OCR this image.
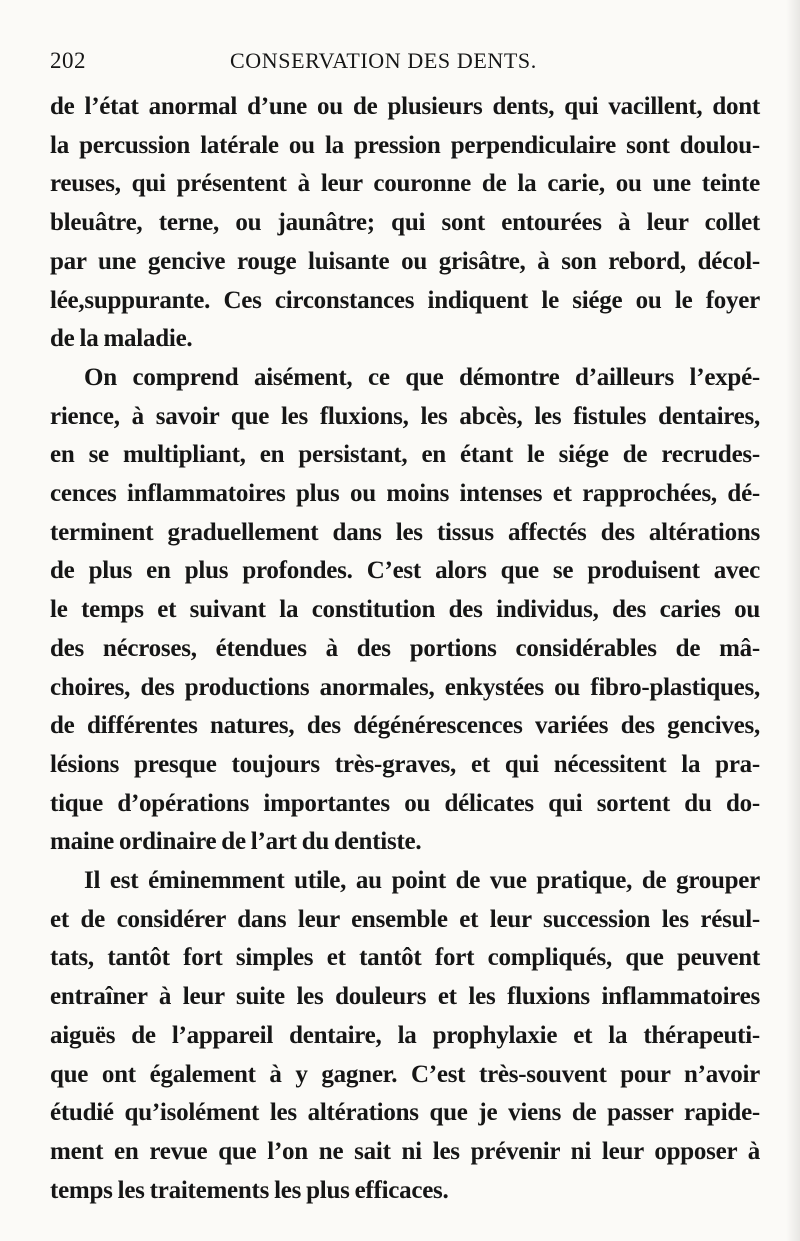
202	CONSERVATION DES DENTS.
de l’état anormal d’une ou de plusieurs dents, qui vacillent, dont
la percussion latérale ou la pression perpendiculaire sont doulou-
reuses, qui présentent à leur couronne de la carie, ou une teinte
bleuâtre, terne, ou jaunâtre; qui sont entourées à leur collet
par une gencive rouge luisante ou grisâtre, à son rebord, décol-
lée,suppurante. Ces circonstances indiquent le siége ou le foyer
de la maladie.
On comprend aisément, ce que démontre d’ailleurs l’expé-
rience, à savoir que les fluxions, les abcès, les fistules dentaires,
en se multipliant, en persistant, en étant le siége de recrudes-
cences inflammatoires plus ou moins intenses et rapprochées, dé-
terminent graduellement dans les tissus affectés des altérations
de plus en plus profondes. C’est alors que se produisent avec
le temps et suivant la constitution des individus, des caries ou
des nécroses, étendues à des portions considérables de mâ-
choires, des productions anormales, enkystées ou fibro-plastiques,
de différentes natures, des dégénérescences variées des gencives,
lésions presque toujours très-graves, et qui nécessitent la pra-
tique d’opérations importantes ou délicates qui sortent du do-
maine ordinaire de l’art du dentiste.
Il est éminemment utile, au point de vue pratique, de grouper
et de considérer dans leur ensemble et leur succession les résul-
tats, tantôt fort simples et tantôt fort compliqués, que peuvent
entraîner à leur suite les douleurs et les fluxions inflammatoires
aiguës de l’appareil dentaire, la prophylaxie et la thérapeuti-
que ont également à y gagner. C’est très-souvent pour n’avoir
étudié qu’isolément les altérations que je viens de passer rapide-
ment en revue que l’on ne sait ni les prévenir ni leur opposer à
temps les traitements les plus efficaces.
